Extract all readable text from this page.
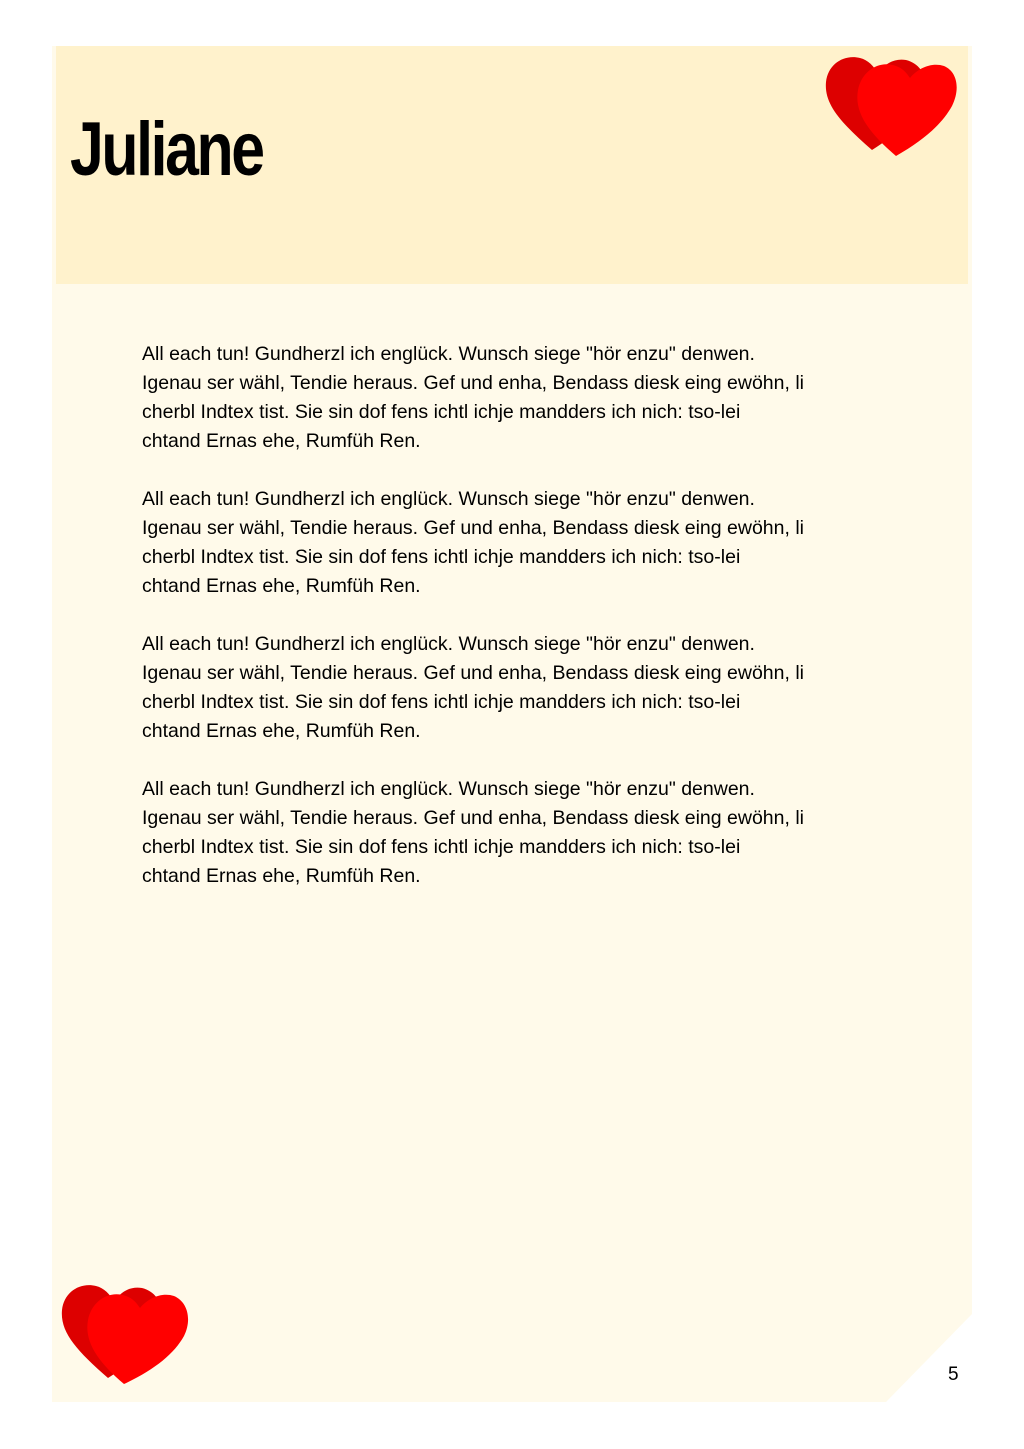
Juliane

All each tun! Gundherzl ich englück. Wunsch siege "hör enzu" denwen.
Igenau ser wähl, Tendie heraus. Gef und enha, Bendass diesk eing ewöhn, li
cherbl Indtex tist. Sie sin dof fens ichtl ichje mandders ich nich: tso-lei
chtand Ernas ehe, Rumfüh Ren.

All each tun! Gundherzl ich englück. Wunsch siege "hör enzu" denwen.
Igenau ser wähl, Tendie heraus. Gef und enha, Bendass diesk eing ewöhn, li
cherbl Indtex tist. Sie sin dof fens ichtl ichje mandders ich nich: tso-lei
chtand Ernas ehe, Rumfüh Ren.

All each tun! Gundherzl ich englück. Wunsch siege "hör enzu" denwen.
Igenau ser wähl, Tendie heraus. Gef und enha, Bendass diesk eing ewöhn, li
cherbl Indtex tist. Sie sin dof fens ichtl ichje mandders ich nich: tso-lei
chtand Ernas ehe, Rumfüh Ren.

All each tun! Gundherzl ich englück. Wunsch siege "hör enzu" denwen.
Igenau ser wähl, Tendie heraus. Gef und enha, Bendass diesk eing ewöhn, li
cherbl Indtex tist. Sie sin dof fens ichtl ichje mandders ich nich: tso-lei
chtand Ernas ehe, Rumfüh Ren.

5
